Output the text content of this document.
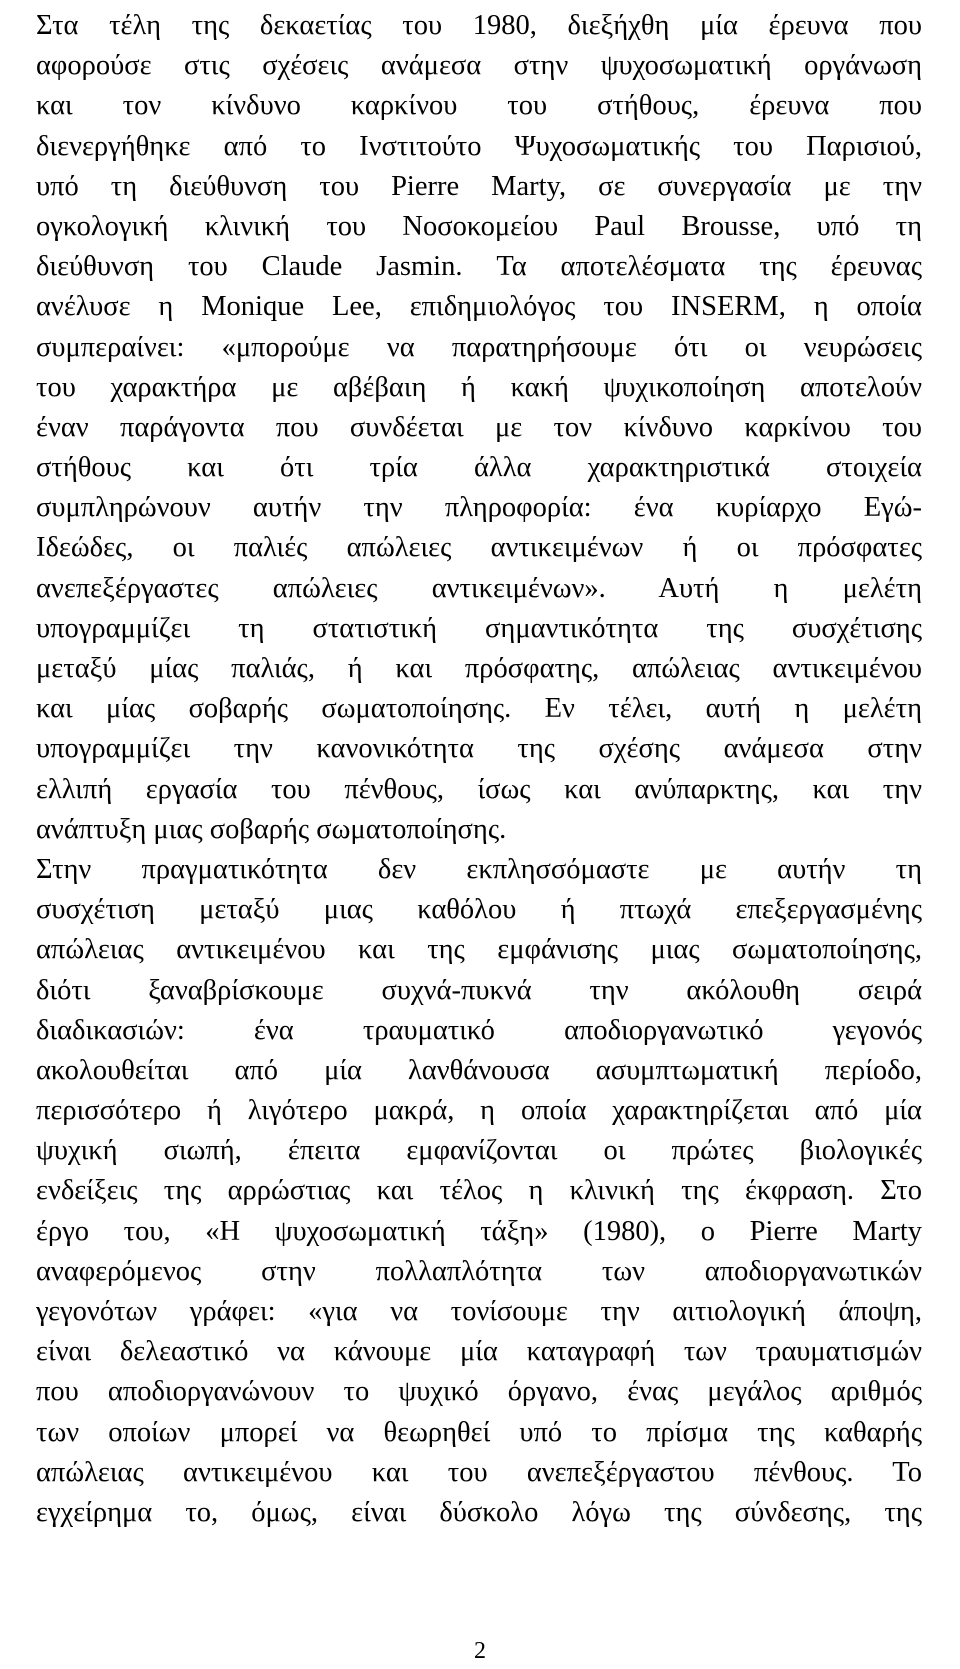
Στα τέλη της δεκαετίας του 1980, διεξήχθη μία έρευνα που
αφορούσε στις σχέσεις ανάμεσα στην ψυχοσωματική οργάνωση
και τον κίνδυνο καρκίνου του στήθους, έρευνα που
διενεργήθηκε από το Ινστιτούτο Ψυχοσωματικής του Παρισιού,
υπό τη διεύθυνση του Pierre Marty, σε συνεργασία με την
ογκολογική κλινική του Νοσοκομείου Paul Brousse, υπό τη
διεύθυνση του Claude Jasmin. Τα αποτελέσματα της έρευνας
ανέλυσε η Monique Lee, επιδημιολόγος του INSERM, η οποία
συμπεραίνει: «μπορούμε να παρατηρήσουμε ότι οι νευρώσεις
του χαρακτήρα με αβέβαιη ή κακή ψυχικοποίηση αποτελούν
έναν παράγοντα που συνδέεται με τον κίνδυνο καρκίνου του
στήθους και ότι τρία άλλα χαρακτηριστικά στοιχεία
συμπληρώνουν αυτήν την πληροφορία: ένα κυρίαρχο Εγώ-
Ιδεώδες, οι παλιές απώλειες αντικειμένων ή οι πρόσφατες
ανεπεξέργαστες απώλειες αντικειμένων». Αυτή η μελέτη
υπογραμμίζει τη στατιστική σημαντικότητα της συσχέτισης
μεταξύ μίας παλιάς, ή και πρόσφατης, απώλειας αντικειμένου
και μίας σοβαρής σωματοποίησης. Εν τέλει, αυτή η μελέτη
υπογραμμίζει την κανονικότητα της σχέσης ανάμεσα στην
ελλιπή εργασία του πένθους, ίσως και ανύπαρκτης, και την
ανάπτυξη μιας σοβαρής σωματοποίησης.
Στην πραγματικότητα δεν εκπλησσόμαστε με αυτήν τη
συσχέτιση μεταξύ μιας καθόλου ή πτωχά επεξεργασμένης
απώλειας αντικειμένου και της εμφάνισης μιας σωματοποίησης,
διότι ξαναβρίσκουμε συχνά-πυκνά την ακόλουθη σειρά
διαδικασιών: ένα τραυματικό αποδιοργανωτικό γεγονός
ακολουθείται από μία λανθάνουσα ασυμπτωματική περίοδο,
περισσότερο ή λιγότερο μακρά, η οποία χαρακτηρίζεται από μία
ψυχική σιωπή, έπειτα εμφανίζονται οι πρώτες βιολογικές
ενδείξεις της αρρώστιας και τέλος η κλινική της έκφραση. Στο
έργο του, «Η ψυχοσωματική τάξη» (1980), ο Pierre Marty
αναφερόμενος στην πολλαπλότητα των αποδιοργανωτικών
γεγονότων γράφει: «για να τονίσουμε την αιτιολογική άποψη,
είναι δελεαστικό να κάνουμε μία καταγραφή των τραυματισμών
που αποδιοργανώνουν το ψυχικό όργανο, ένας μεγάλος αριθμός
των οποίων μπορεί να θεωρηθεί υπό το πρίσμα της καθαρής
απώλειας αντικειμένου και του ανεπεξέργαστου πένθους. Το
εγχείρημα το, όμως, είναι δύσκολο λόγω της σύνδεσης, της
2
